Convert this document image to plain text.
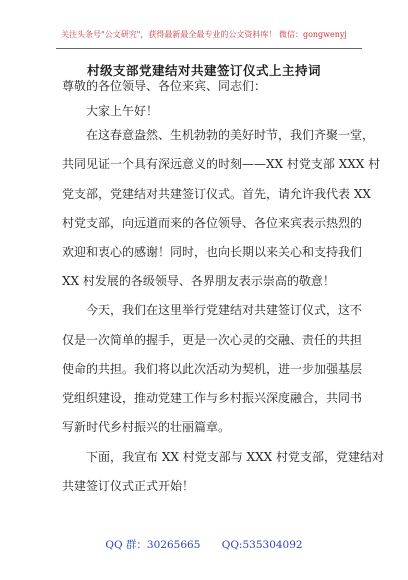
关注头条号"公文研究"，获得最新最全最专业的公文资料库！ 微信：gongwenyj
村级支部党建结对共建签订仪式上主持词
尊敬的各位领导、各位来宾、同志们：
大家上午好！
在这春意盎然、生机勃勃的美好时节，我们齐聚一堂，
共同见证一个具有深远意义的时刻——XX 村党支部 XXX 村
党支部，党建结对共建签订仪式。首先，请允许我代表 XX
村党支部，向远道而来的各位领导、各位来宾表示热烈的
欢迎和衷心的感谢！同时，也向长期以来关心和支持我们
XX 村发展的各级领导、各界朋友表示崇高的敬意！
今天，我们在这里举行党建结对共建签订仪式，这不
仅是一次简单的握手，更是一次心灵的交融、责任的共担
使命的共担。我们将以此次活动为契机，进一步加强基层
党组织建设，推动党建工作与乡村振兴深度融合，共同书
写新时代乡村振兴的壮丽篇章。
下面，我宣布 XX 村党支部与 XXX 村党支部，党建结对
共建签订仪式正式开始！
QQ 群：30265665 QQ:535304092
